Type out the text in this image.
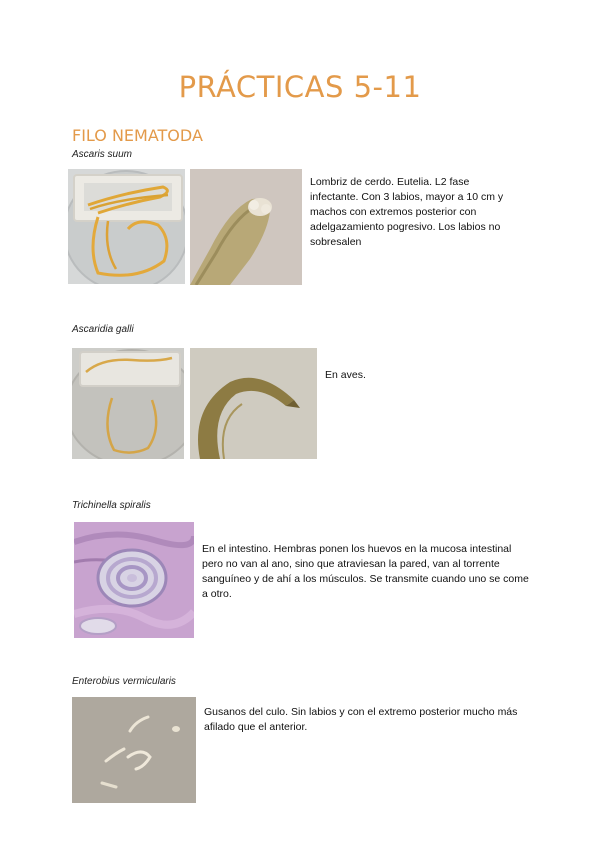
PRÁCTICAS 5-11
FILO NEMATODA
Ascaris suum
Lombriz de cerdo. Eutelia. L2 fase infectante. Con 3 labios, mayor a 10 cm y machos con extremos posterior con adelgazamiento pogresivo. Los labios no sobresalen
Ascaridia galli
En aves.
Trichinella spiralis
En el intestino. Hembras ponen los huevos en la mucosa intestinal pero no van al ano, sino que atraviesan la pared, van al torrente sanguíneo y de ahí a los músculos. Se transmite cuando uno se come a otro.
Enterobius vermicularis
Gusanos del culo. Sin labios y con el extremo posterior mucho más afilado que el anterior.
